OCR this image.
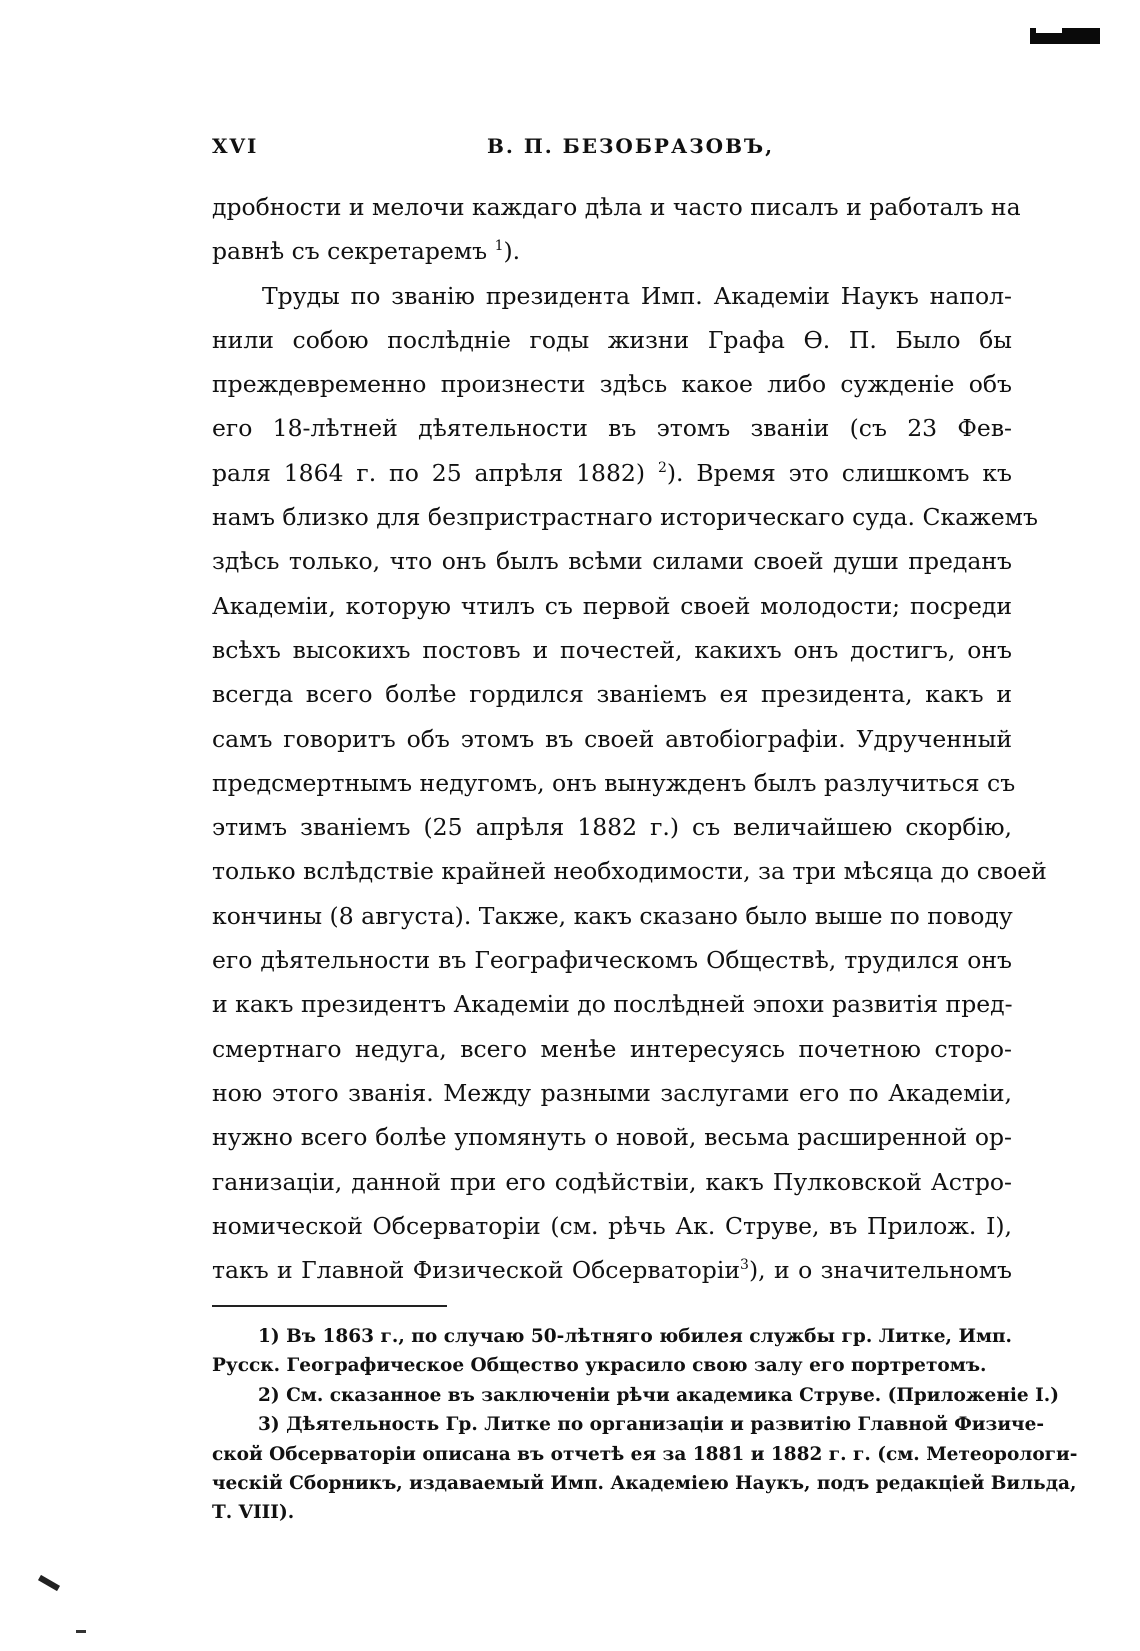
XVI	В. П. БЕЗОБРАЗОВЪ,
дробности и мелочи каждаго дѣла и часто писалъ и работалъ на
равнѣ съ секретаремъ $^1$).
Труды по званію президента Имп. Академіи Наукъ напол-
нили собою послѣдніе годы жизни Графа Ѳ. П. Было бы
преждевременно произнести здѣсь какое либо сужденіе объ
его 18-лѣтней дѣятельности въ этомъ званіи (съ 23 Фев-
раля 1864 г. по 25 апрѣля 1882) $^2$). Время это слишкомъ къ
намъ близко для безпристрастнаго историческаго суда. Скажемъ
здѣсь только, что онъ былъ всѣми силами своей души преданъ
Академіи, которую чтилъ съ первой своей молодости; посреди
всѣхъ высокихъ постовъ и почестей, какихъ онъ достигъ, онъ
всегда всего болѣе гордился званіемъ ея президента, какъ и
самъ говоритъ объ этомъ въ своей автобіографіи. Удрученный
предсмертнымъ недугомъ, онъ вынужденъ былъ разлучиться съ
этимъ званіемъ (25 апрѣля 1882 г.) съ величайшею скорбію,
только вслѣдствіе крайней необходимости, за три мѣсяца до своей
кончины (8 августа). Также, какъ сказано было выше по поводу
его дѣятельности въ Географическомъ Обществѣ, трудился онъ
и какъ президентъ Академіи до послѣдней эпохи развитія пред-
смертнаго недуга, всего менѣе интересуясь почетною сторо-
ною этого званія. Между разными заслугами его по Академіи,
нужно всего болѣе упомянуть о новой, весьма расширенной ор-
ганизаціи, данной при его содѣйствіи, какъ Пулковской Астро-
номической Обсерваторіи (см. рѣчь Ак. Струве, въ Прилож. I),
такъ и Главной Физической Обсерваторіи$^3$), и о значительномъ
1) Въ 1863 г., по случаю 50-лѣтняго юбилея службы гр. Литке, Имп.
Русск. Географическое Общество украсило свою залу его портретомъ.
2) См. сказанное въ заключеніи рѣчи академика Струве. (Приложеніе I.)
3) Дѣятельность Гр. Литке по организаціи и развитію Главной Физиче-
ской Обсерваторіи описана въ отчетѣ ея за 1881 и 1882 г. г. (см. Метеорологи-
ческій Сборникъ, издаваемый Имп. Академіею Наукъ, подъ редакціей Вильда,
Т. VIII).
